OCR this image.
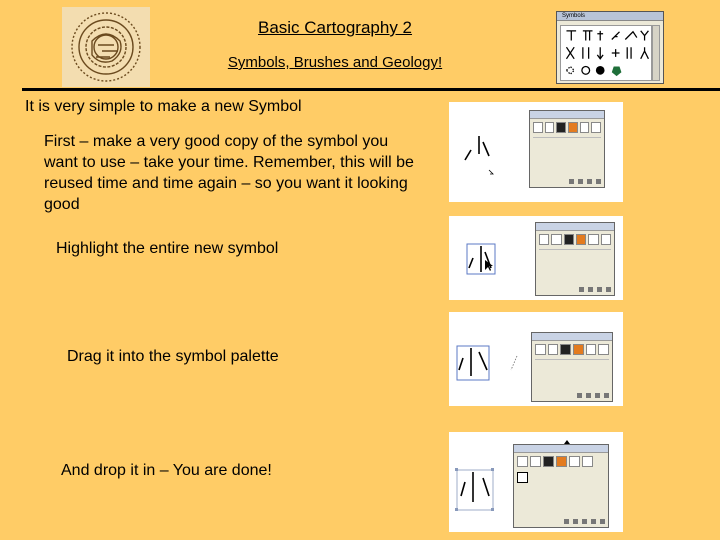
Basic Cartography 2
Symbols, Brushes and Geology!
Symbols
It is very simple to make a new Symbol
First – make a very good copy of the symbol you want to use – take your time. Remember, this will be reused time and time again – so you want it looking good
Highlight the entire new symbol
Drag it into the symbol palette
And drop it in – You are done!
